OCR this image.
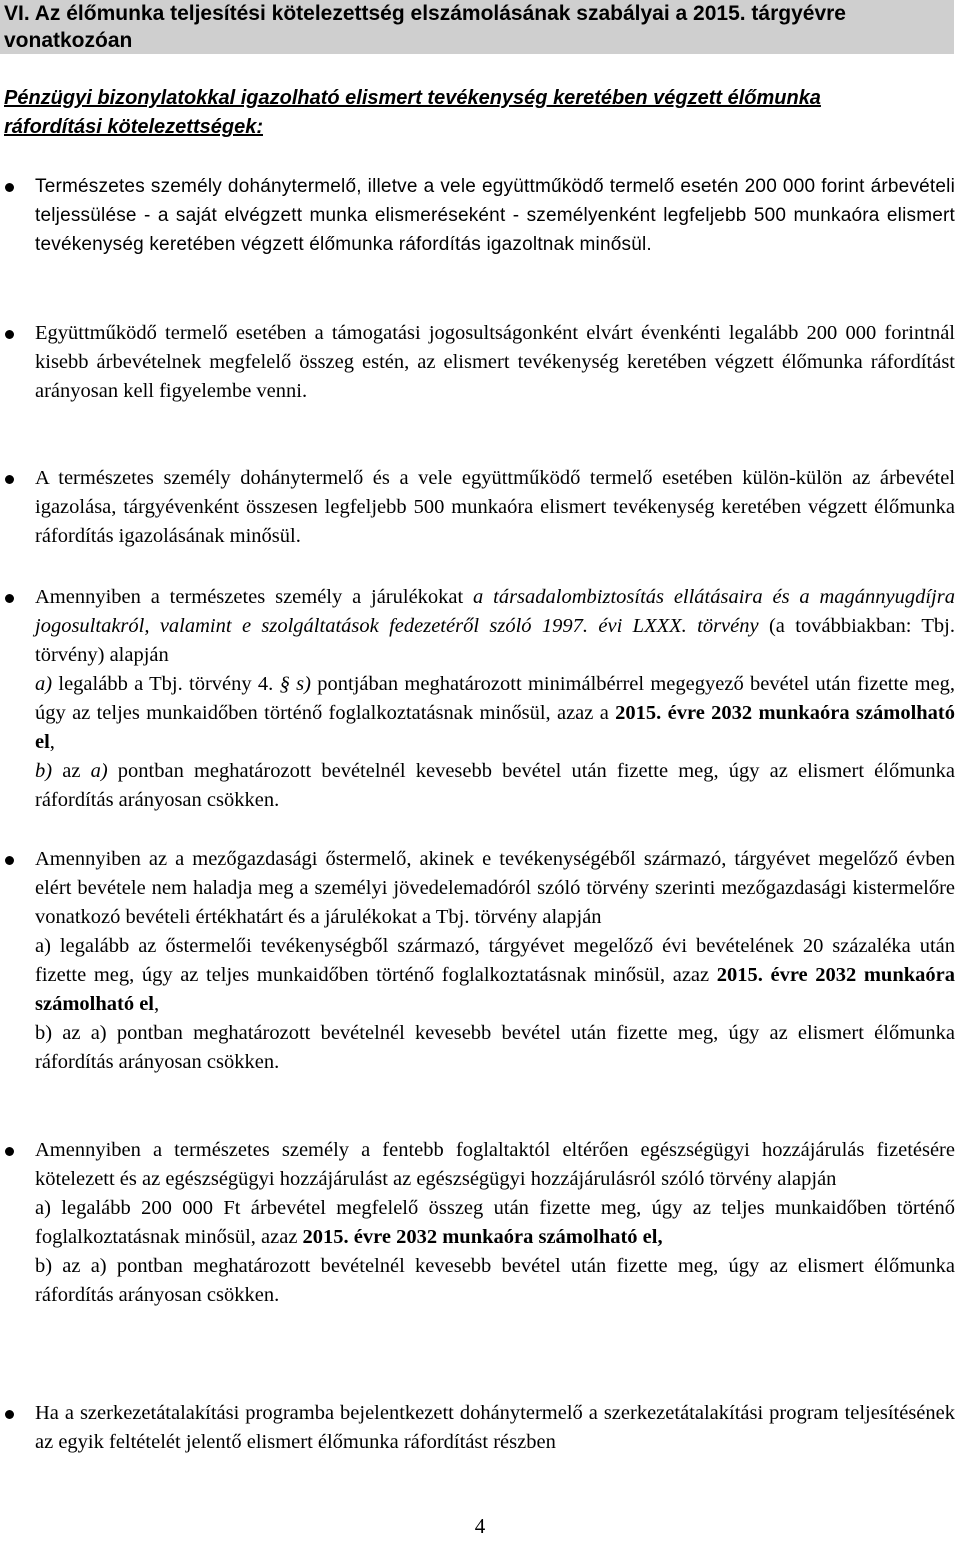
VI. Az élőmunka teljesítési kötelezettség elszámolásának szabályai a 2015. tárgyévre
vonatkozóan
Pénzügyi bizonylatokkal igazolható elismert tevékenység keretében végzett élőmunka
ráfordítási kötelezettségek:
Természetes személy dohánytermelő, illetve a vele együttműködő termelő esetén 200 000 forint árbevételi teljessülése - a saját elvégzett munka elismeréseként - személyenként legfeljebb 500 munkaóra elismert tevékenység keretében végzett élőmunka ráfordítás igazoltnak minősül.
Együttműködő termelő esetében a támogatási jogosultságonként elvárt évenkénti legalább 200 000 forintnál kisebb árbevételnek megfelelő összeg estén, az elismert tevékenység keretében végzett élőmunka ráfordítást arányosan kell figyelembe venni.
A természetes személy dohánytermelő és a vele együttműködő termelő esetében külön-külön az árbevétel igazolása, tárgyévenként összesen legfeljebb 500 munkaóra elismert tevékenység keretében végzett élőmunka ráfordítás igazolásának minősül.
Amennyiben a természetes személy a járulékokat a társadalombiztosítás ellátásaira és a magánnyugdíjra jogosultakról, valamint e szolgáltatások fedezetéről szóló 1997. évi LXXX. törvény (a továbbiakban: Tbj. törvény) alapján
a) legalább a Tbj. törvény 4. § s) pontjában meghatározott minimálbérrel megegyező bevétel után fizette meg, úgy az teljes munkaidőben történő foglalkoztatásnak minősül, azaz a 2015. évre 2032 munkaóra számolható el,
b) az a) pontban meghatározott bevételnél kevesebb bevétel után fizette meg, úgy az elismert élőmunka ráfordítás arányosan csökken.
Amennyiben az a mezőgazdasági őstermelő, akinek e tevékenységéből származó, tárgyévet megelőző évben elért bevétele nem haladja meg a személyi jövedelemadóról szóló törvény szerinti mezőgazdasági kistermelőre vonatkozó bevételi értékhatárt és a járulékokat a Tbj. törvény alapján
a) legalább az őstermelői tevékenységből származó, tárgyévet megelőző évi bevételének 20 százaléka után fizette meg, úgy az teljes munkaidőben történő foglalkoztatásnak minősül, azaz 2015. évre 2032 munkaóra számolható el,
b) az a) pontban meghatározott bevételnél kevesebb bevétel után fizette meg, úgy az elismert élőmunka ráfordítás arányosan csökken.
Amennyiben a természetes személy a fentebb foglaltaktól eltérően egészségügyi hozzájárulás fizetésére kötelezett és az egészségügyi hozzájárulást az egészségügyi hozzájárulásról szóló törvény alapján
a) legalább 200 000 Ft árbevétel megfelelő összeg után fizette meg, úgy az teljes munkaidőben történő foglalkoztatásnak minősül, azaz 2015. évre 2032 munkaóra számolható el,
b) az a) pontban meghatározott bevételnél kevesebb bevétel után fizette meg, úgy az elismert élőmunka ráfordítás arányosan csökken.
Ha a szerkezetátalakítási programba bejelentkezett dohánytermelő a szerkezetátalakítási program teljesítésének az egyik feltételét jelentő elismert élőmunka ráfordítást részben
4
